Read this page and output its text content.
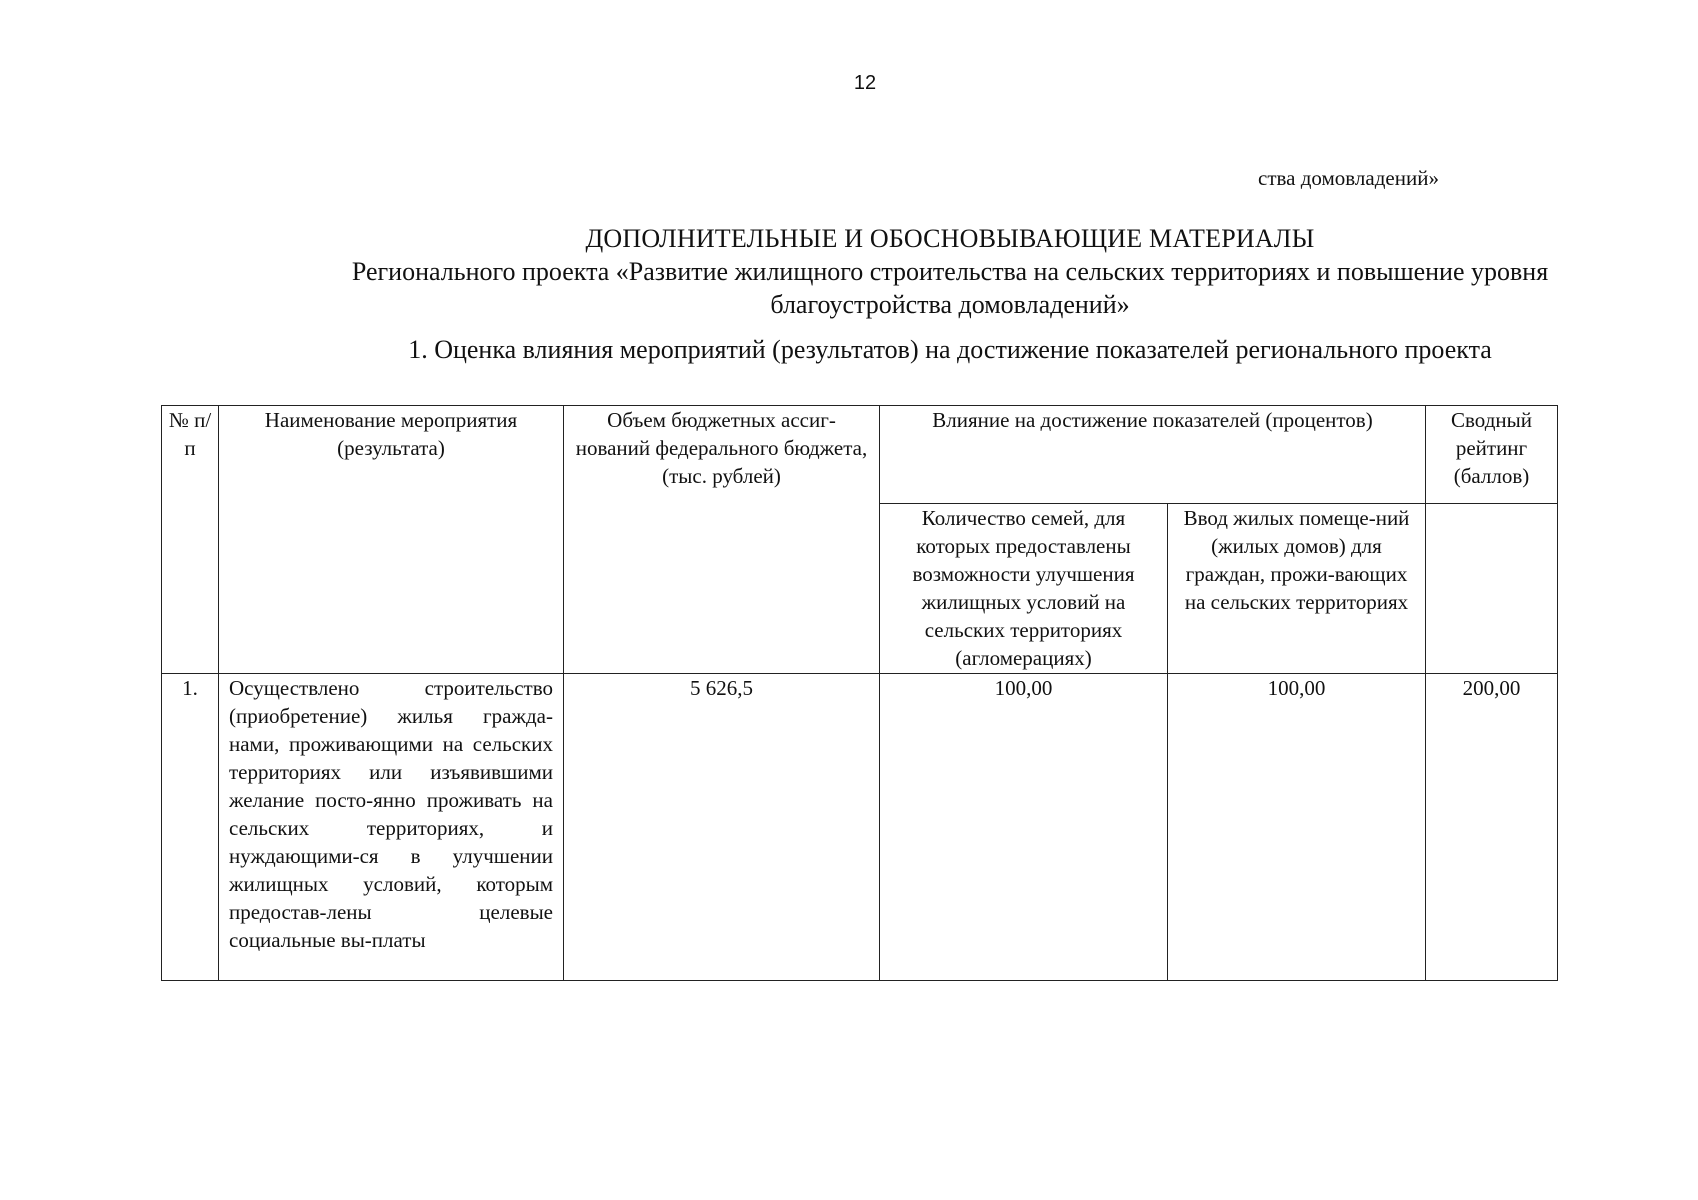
12
ства домовладений»
ДОПОЛНИТЕЛЬНЫЕ И ОБОСНОВЫВАЮЩИЕ МАТЕРИАЛЫ
Регионального проекта «Развитие жилищного строительства на сельских территориях и повышение уровня
благоустройства домовладений»
1. Оценка влияния мероприятий (результатов) на достижение показателей регионального проекта
№ п/п	Наименование мероприятия (результата)	Объем бюджетных ассиг-нований федерального бюджета, (тыс. рублей)	Влияние на достижение показателей (процентов)		Сводный рейтинг (баллов)
			Количество семей, для которых предоставлены возможности улучшения жилищных условий на сельских территориях (агломерациях)	Ввод жилых помеще-ний (жилых домов) для граждан, прожи-вающих на сельских территориях	
1.	Осуществлено строительство (приобретение) жилья гражда-нами, проживающими на сельских территориях или изъявившими желание посто-янно проживать на сельских территориях, и нуждающими-ся в улучшении жилищных условий, которым предостав-лены целевые социальные вы-платы	5 626,5	100,00	100,00	200,00
